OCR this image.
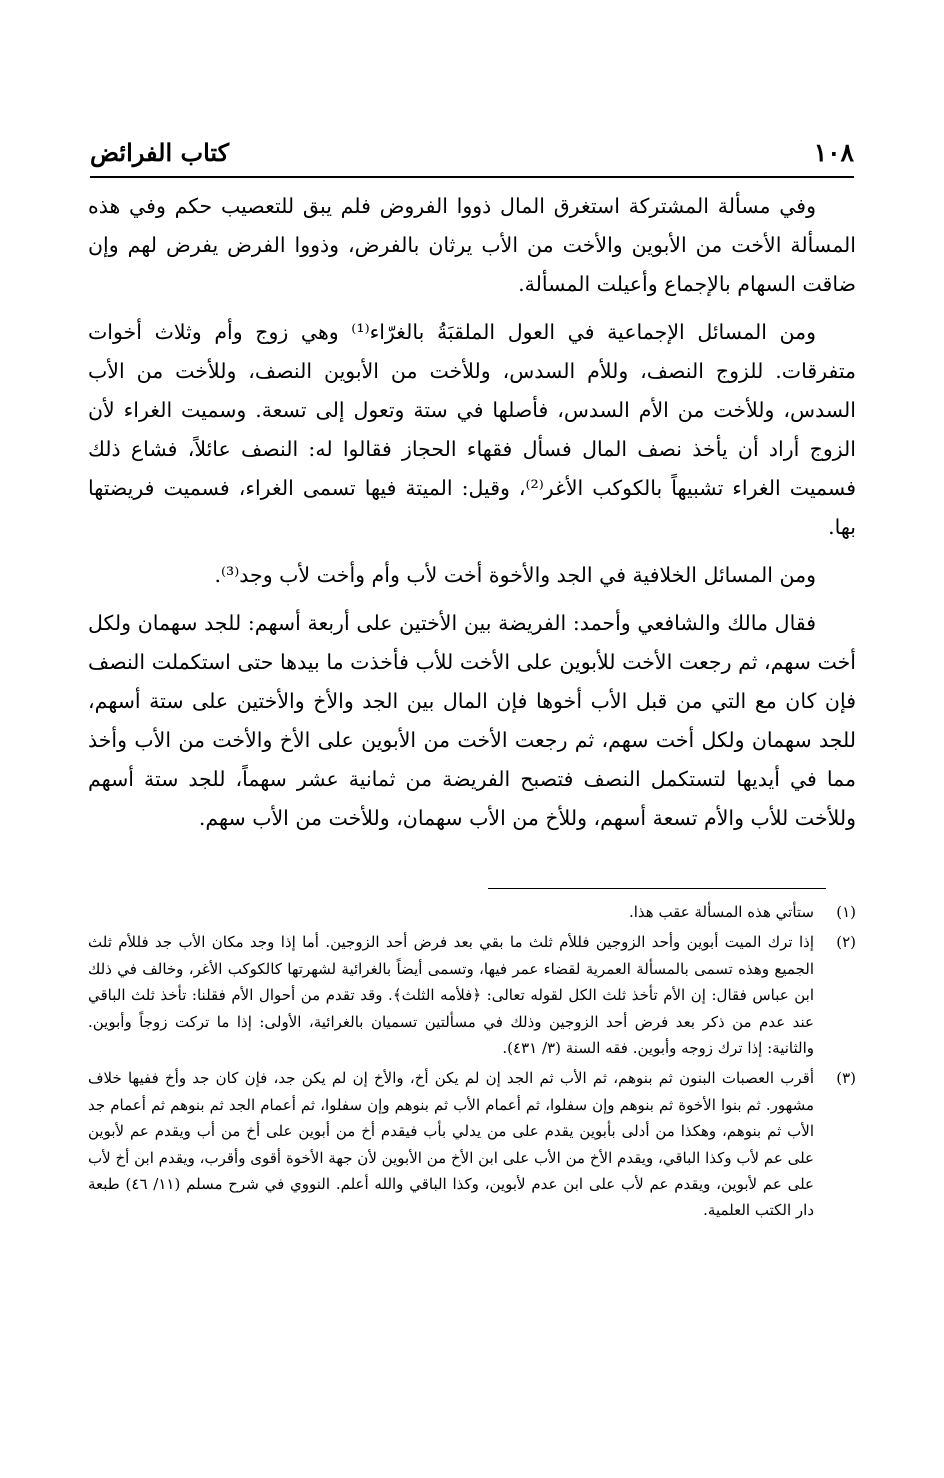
١٠٨
كتاب الفرائض

وفي مسألة المشتركة استغرق المال ذووا الفروض فلم يبق للتعصيب حكم وفي هذه المسألة الأخت من الأبوين والأخت من الأب يرثان بالفرض، وذووا الفرض يفرض لهم وإن ضاقت السهام بالإجماع وأعيلت المسألة.

ومن المسائل الإجماعية في العول الملقبَةُ بالغرّاء⁽¹⁾ وهي زوج وأم وثلاث أخوات متفرقات. للزوج النصف، وللأم السدس، وللأخت من الأبوين النصف، وللأخت من الأب السدس، وللأخت من الأم السدس، فأصلها في ستة وتعول إلى تسعة. وسميت الغراء لأن الزوج أراد أن يأخذ نصف المال فسأل فقهاء الحجاز فقالوا له: النصف عائلاً، فشاع ذلك فسميت الغراء تشبيهاً بالكوكب الأغر⁽²⁾، وقيل: الميتة فيها تسمى الغراء، فسميت فريضتها بها.

ومن المسائل الخلافية في الجد والأخوة أخت لأب وأم وأخت لأب وجد⁽³⁾.

فقال مالك والشافعي وأحمد: الفريضة بين الأختين على أربعة أسهم: للجد سهمان ولكل أخت سهم، ثم رجعت الأخت للأبوين على الأخت للأب فأخذت ما بيدها حتى استكملت النصف فإن كان مع التي من قبل الأب أخوها فإن المال بين الجد والأخ والأختين على ستة أسهم، للجد سهمان ولكل أخت سهم، ثم رجعت الأخت من الأبوين على الأخ والأخت من الأب وأخذ مما في أيديها لتستكمل النصف فتصبح الفريضة من ثمانية عشر سهماً، للجد ستة أسهم وللأخت للأب والأم تسعة أسهم، وللأخ من الأب سهمان، وللأخت من الأب سهم.

(١)
ستأتي هذه المسألة عقب هذا.
(٢)
إذا ترك الميت أبوين وأحد الزوجين فللأم ثلث ما بقي بعد فرض أحد الزوجين. أما إذا وجد مكان الأب جد فللأم ثلث الجميع وهذه تسمى بالمسألة العمرية لقضاء عمر فيها، وتسمى أيضاً بالغرائية لشهرتها كالكوكب الأغر، وخالف في ذلك ابن عباس فقال: إن الأم تأخذ ثلث الكل لقوله تعالى: ﴿فلأمه الثلث﴾. وقد تقدم من أحوال الأم فقلنا: تأخذ ثلث الباقي عند عدم من ذكر بعد فرض أحد الزوجين وذلك في مسألتين تسميان بالغرائية، الأولى: إذا ما تركت زوجاً وأبوين. والثانية: إذا ترك زوجه وأبوين. فقه السنة (٣/ ٤٣١).
(٣)
أقرب العصبات البنون ثم بنوهم، ثم الأب ثم الجد إن لم يكن أخ، والأخ إن لم يكن جد، فإن كان جد وأخ ففيها خلاف مشهور. ثم بنوا الأخوة ثم بنوهم وإن سفلوا، ثم أعمام الأب ثم بنوهم وإن سفلوا، ثم أعمام الجد ثم بنوهم ثم أعمام جد الأب ثم بنوهم، وهكذا من أدلى بأبوين يقدم على من يدلي بأب فيقدم أخ من أبوين على أخ من أب ويقدم عم لأبوين على عم لأب وكذا الباقي، ويقدم الأخ من الأب على ابن الأخ من الأبوين لأن جهة الأخوة أقوى وأقرب، ويقدم ابن أخ لأب على عم لأبوين، ويقدم عم لأب على ابن عدم لأبوين، وكذا الباقي والله أعلم. النووي في شرح مسلم (١١/ ٤٦) طبعة دار الكتب العلمية.
